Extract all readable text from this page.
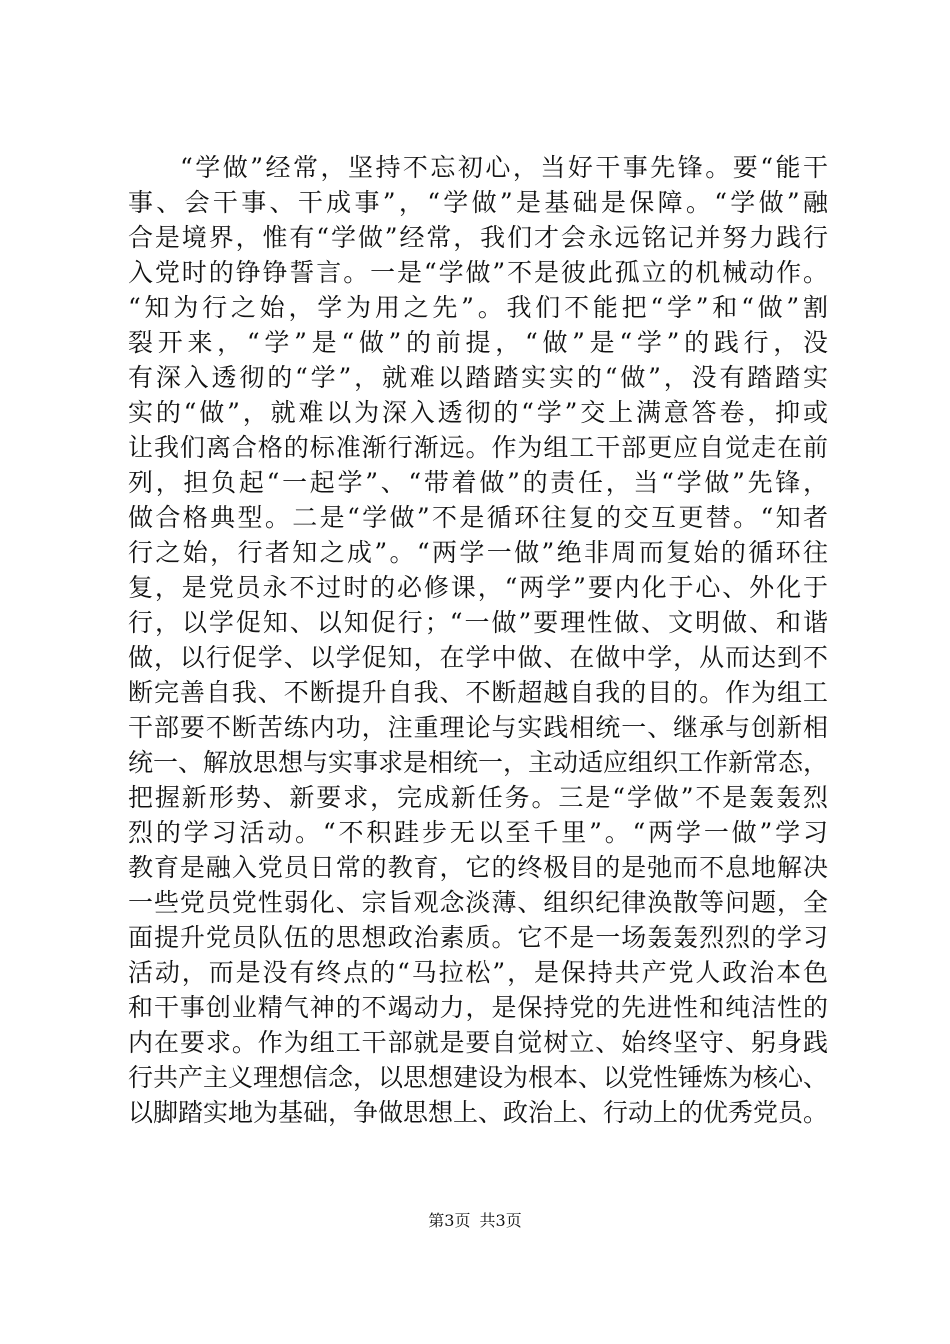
“学做”经常，坚持不忘初心，当好干事先锋。要“能干
事、会干事、干成事”，“学做”是基础是保障。“学做”融
合是境界，惟有“学做”经常，我们才会永远铭记并努力践行
入党时的铮铮誓言。一是“学做”不是彼此孤立的机械动作。
“知为行之始，学为用之先”。我们不能把“学”和“做”割
裂开来，“学”是“做”的前提，“做”是“学”的践行，没
有深入透彻的“学”，就难以踏踏实实的“做”，没有踏踏实
实的“做”，就难以为深入透彻的“学”交上满意答卷，抑或
让我们离合格的标准渐行渐远。作为组工干部更应自觉走在前
列，担负起“一起学”、“带着做”的责任，当“学做”先锋，
做合格典型。二是“学做”不是循环往复的交互更替。“知者
行之始，行者知之成”。“两学一做”绝非周而复始的循环往
复，是党员永不过时的必修课，“两学”要内化于心、外化于
行，以学促知、以知促行；“一做”要理性做、文明做、和谐
做，以行促学、以学促知，在学中做、在做中学，从而达到不
断完善自我、不断提升自我、不断超越自我的目的。作为组工
干部要不断苦练内功，注重理论与实践相统一、继承与创新相
统一、解放思想与实事求是相统一，主动适应组织工作新常态，
把握新形势、新要求，完成新任务。三是“学做”不是轰轰烈
烈的学习活动。“不积跬步无以至千里”。“两学一做”学习
教育是融入党员日常的教育，它的终极目的是弛而不息地解决
一些党员党性弱化、宗旨观念淡薄、组织纪律涣散等问题，全
面提升党员队伍的思想政治素质。它不是一场轰轰烈烈的学习
活动，而是没有终点的“马拉松”，是保持共产党人政治本色
和干事创业精气神的不竭动力，是保持党的先进性和纯洁性的
内在要求。作为组工干部就是要自觉树立、始终坚守、躬身践
行共产主义理想信念，以思想建设为根本、以党性锤炼为核心、
以脚踏实地为基础，争做思想上、政治上、行动上的优秀党员。
第3页 共3页
